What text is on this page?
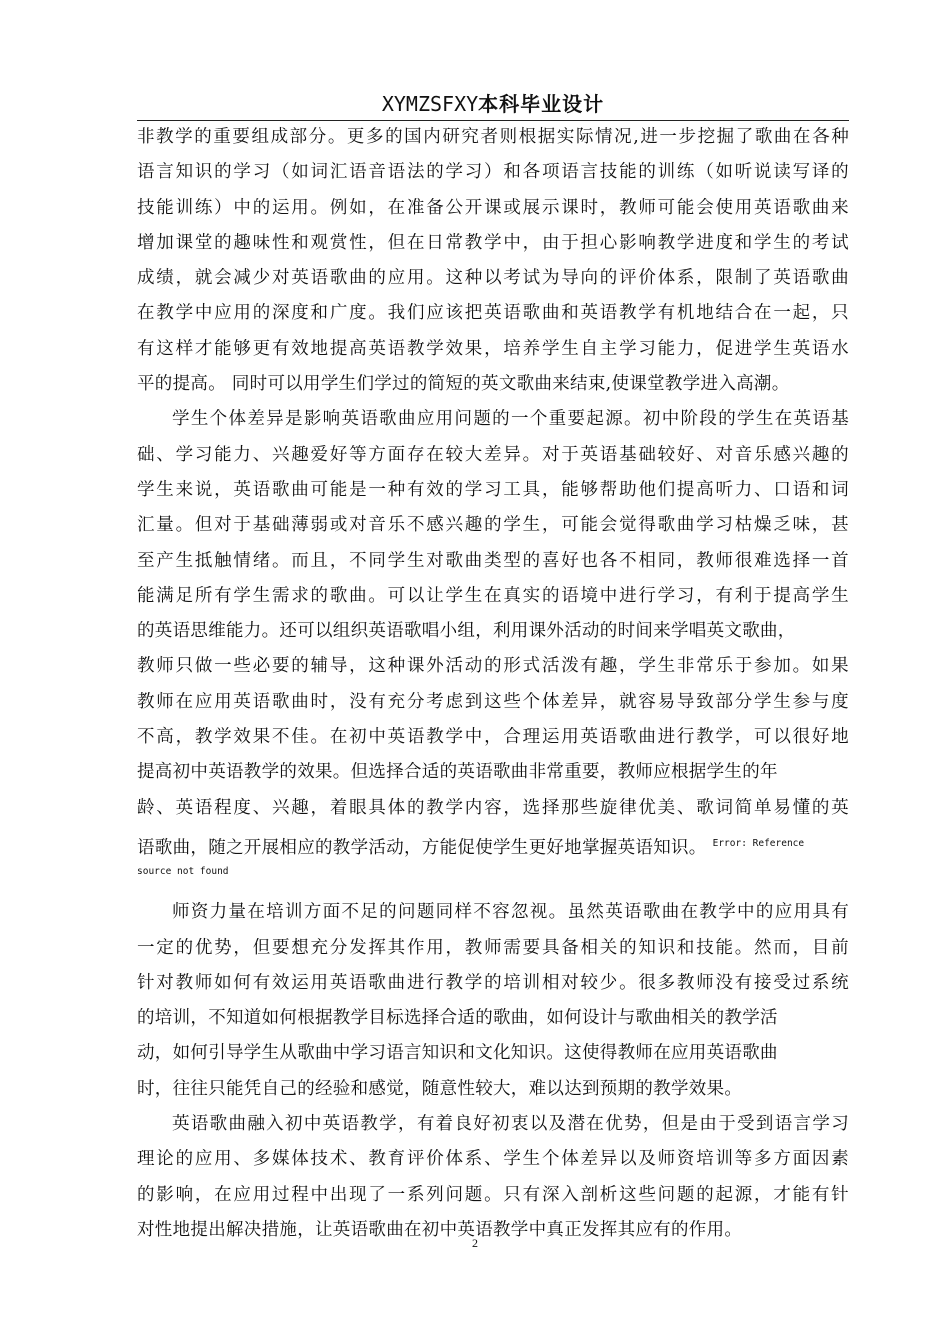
XYMZSFXY本科毕业设计
非教学的重要组成部分。更多的国内研究者则根据实际情况,进一步挖掘了歌曲在各种
语言知识的学习（如词汇语音语法的学习）和各项语言技能的训练（如听说读写译的
技能训练）中的运用。例如，在准备公开课或展示课时，教师可能会使用英语歌曲来
增加课堂的趣味性和观赏性，但在日常教学中，由于担心影响教学进度和学生的考试
成绩，就会减少对英语歌曲的应用。这种以考试为导向的评价体系，限制了英语歌曲
在教学中应用的深度和广度。我们应该把英语歌曲和英语教学有机地结合在一起，只
有这样才能够更有效地提高英语教学效果，培养学生自主学习能力，促进学生英语水
平的提高。 同时可以用学生们学过的简短的英文歌曲来结束,使课堂教学进入高潮。
学生个体差异是影响英语歌曲应用问题的一个重要起源。初中阶段的学生在英语基
础、学习能力、兴趣爱好等方面存在较大差异。对于英语基础较好、对音乐感兴趣的
学生来说，英语歌曲可能是一种有效的学习工具，能够帮助他们提高听力、口语和词
汇量。但对于基础薄弱或对音乐不感兴趣的学生，可能会觉得歌曲学习枯燥乏味，甚
至产生抵触情绪。而且，不同学生对歌曲类型的喜好也各不相同，教师很难选择一首
能满足所有学生需求的歌曲。可以让学生在真实的语境中进行学习，有利于提高学生
的英语思维能力。还可以组织英语歌唱小组，利用课外活动的时间来学唱英文歌曲，
教师只做一些必要的辅导，这种课外活动的形式活泼有趣，学生非常乐于参加。如果
教师在应用英语歌曲时，没有充分考虑到这些个体差异，就容易导致部分学生参与度
不高，教学效果不佳。在初中英语教学中，合理运用英语歌曲进行教学，可以很好地
提高初中英语教学的效果。但选择合适的英语歌曲非常重要，教师应根据学生的年
龄、英语程度、兴趣，着眼具体的教学内容，选择那些旋律优美、歌词简单易懂的英
语歌曲，随之开展相应的教学活动，方能促使学生更好地掌握英语知识。 $^{Error: Reference}$
source not found
师资力量在培训方面不足的问题同样不容忽视。虽然英语歌曲在教学中的应用具有
一定的优势，但要想充分发挥其作用，教师需要具备相关的知识和技能。然而，目前
针对教师如何有效运用英语歌曲进行教学的培训相对较少。很多教师没有接受过系统
的培训，不知道如何根据教学目标选择合适的歌曲，如何设计与歌曲相关的教学活
动，如何引导学生从歌曲中学习语言知识和文化知识。这使得教师在应用英语歌曲
时，往往只能凭自己的经验和感觉，随意性较大，难以达到预期的教学效果。
英语歌曲融入初中英语教学，有着良好初衷以及潜在优势，但是由于受到语言学习
理论的应用、多媒体技术、教育评价体系、学生个体差异以及师资培训等多方面因素
的影响，在应用过程中出现了一系列问题。只有深入剖析这些问题的起源，才能有针
对性地提出解决措施，让英语歌曲在初中英语教学中真正发挥其应有的作用。
2
